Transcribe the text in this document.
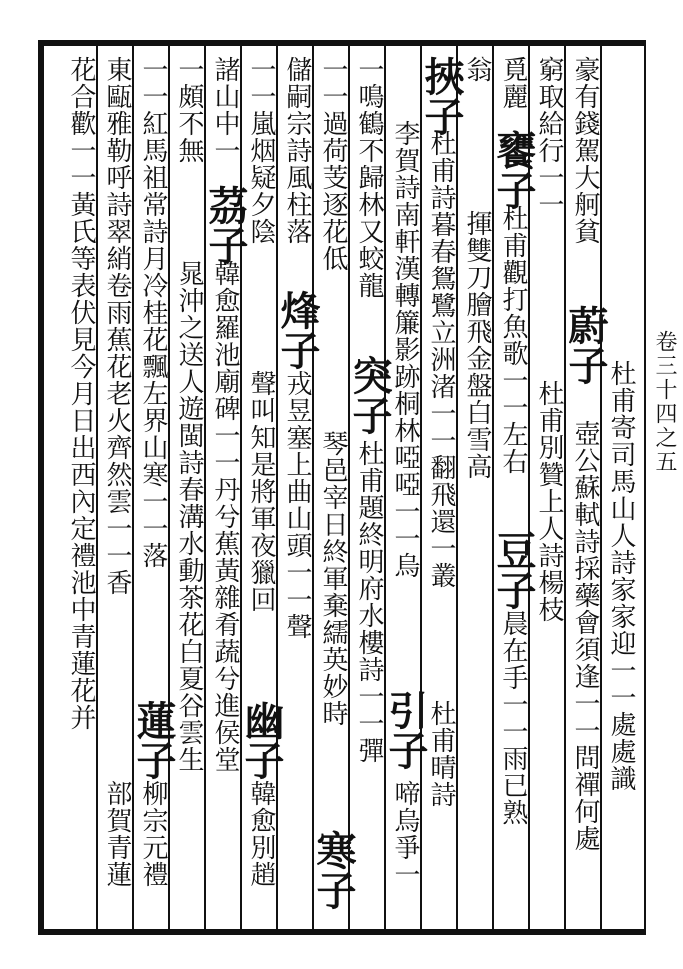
杜甫寄司馬山人詩家家迎一一處處識
壺公蘇軾詩採藥會須逢一一問禪何處
豪有錢駕大舸貧
蔚子
窮取給行一一
杜甫別贊上人詩楊枝
覓麗
饔子
杜甫觀打魚歌一一左右
豆子
晨在手一一雨已熟
翁
揮雙刀膾飛金盤白雪高
挾子
杜甫詩暮春鴛鷺立洲渚一一翻飛還一叢
杜甫晴詩
李賀詩南軒漢轉簾影跡桐林啞啞一一烏
引子
啼烏爭一
一鳴鶴不歸林又蛟龍
突子
杜甫題終明府水樓詩一一彈
一一過荷芰逐花低
琴邑宰日終軍棄繻英妙時
寒子
儲嗣宗詩風柱落
烽子
戎昱塞上曲山頭一一聲
一一嵐烟疑夕陰
聲叫知是將軍夜獵回
幽子
韓愈別趙
諸山中一
茘子
韓愈羅池廟碑一一丹兮蕉黃雜肴蔬兮進侯堂
一頗不無
晁沖之送人遊閩詩春溝水動茶花白夏谷雲生
一一紅馬祖常詩月冷桂花飄左界山寒一一落
蓮子
柳宗元禮
東甌雅勒呼詩翠綃卷雨蕉花老火齊然雲一一香
部賀青蓮
花合歡一一黃氏等表伏見今月日出西內定禮池中青蓮花并	卷三十四之五
